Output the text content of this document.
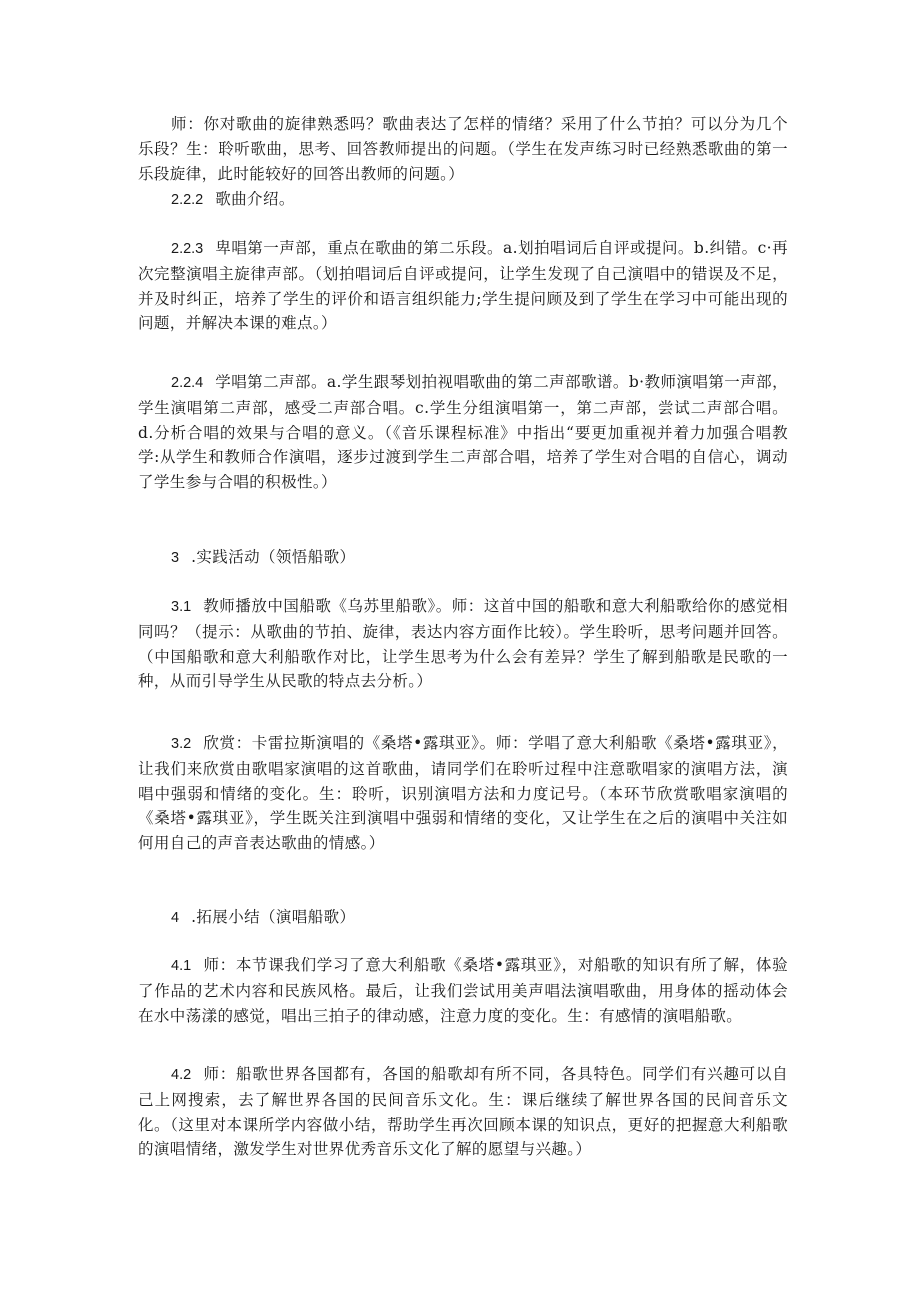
师：你对歌曲的旋律熟悉吗？歌曲表达了怎样的情绪？采用了什么节拍？可以分为几个乐段？生：聆听歌曲，思考、回答教师提出的问题。（学生在发声练习时已经熟悉歌曲的第一乐段旋律，此时能较好的回答出教师的问题。）

2.2.2 歌曲介绍。

2.2.3 卑唱第一声部，重点在歌曲的第二乐段。a.划拍唱词后自评或提问。b.纠错。c·再次完整演唱主旋律声部。（划拍唱词后自评或提问，让学生发现了自己演唱中的错误及不足，并及时纠正，培养了学生的评价和语言组织能力;学生提问顾及到了学生在学习中可能出现的问题，并解决本课的难点。）

2.2.4 学唱第二声部。a.学生跟琴划拍视唱歌曲的第二声部歌谱。b·教师演唱第一声部，学生演唱第二声部，感受二声部合唱。c.学生分组演唱第一，第二声部，尝试二声部合唱。d.分析合唱的效果与合唱的意义。（《音乐课程标准》中指出“要更加重视并着力加强合唱教学:从学生和教师合作演唱，逐步过渡到学生二声部合唱，培养了学生对合唱的自信心，调动了学生参与合唱的积极性。）

3 .实践活动（领悟船歌）

3.1 教师播放中国船歌《乌苏里船歌》。师：这首中国的船歌和意大利船歌给你的感觉相同吗？（提示：从歌曲的节拍、旋律，表达内容方面作比较）。学生聆听，思考问题并回答。（中国船歌和意大利船歌作对比，让学生思考为什么会有差异？学生了解到船歌是民歌的一种，从而引导学生从民歌的特点去分析。）

3.2 欣赏：卡雷拉斯演唱的《桑塔•露琪亚》。师：学唱了意大利船歌《桑塔•露琪亚》，让我们来欣赏由歌唱家演唱的这首歌曲，请同学们在聆听过程中注意歌唱家的演唱方法，演唱中强弱和情绪的变化。生：聆听，识别演唱方法和力度记号。（本环节欣赏歌唱家演唱的《桑塔•露琪亚》，学生既关注到演唱中强弱和情绪的变化，又让学生在之后的演唱中关注如何用自己的声音表达歌曲的情感。）

4 .拓展小结（演唱船歌）

4.1 师：本节课我们学习了意大利船歌《桑塔•露琪亚》，对船歌的知识有所了解，体验了作品的艺术内容和民族风格。最后，让我们尝试用美声唱法演唱歌曲，用身体的摇动体会在水中荡漾的感觉，唱出三拍子的律动感，注意力度的变化。生：有感情的演唱船歌。

4.2 师：船歌世界各国都有，各国的船歌却有所不同，各具特色。同学们有兴趣可以自己上网搜索，去了解世界各国的民间音乐文化。生：课后继续了解世界各国的民间音乐文化。（这里对本课所学内容做小结，帮助学生再次回顾本课的知识点，更好的把握意大利船歌的演唱情绪，激发学生对世界优秀音乐文化了解的愿望与兴趣。）
